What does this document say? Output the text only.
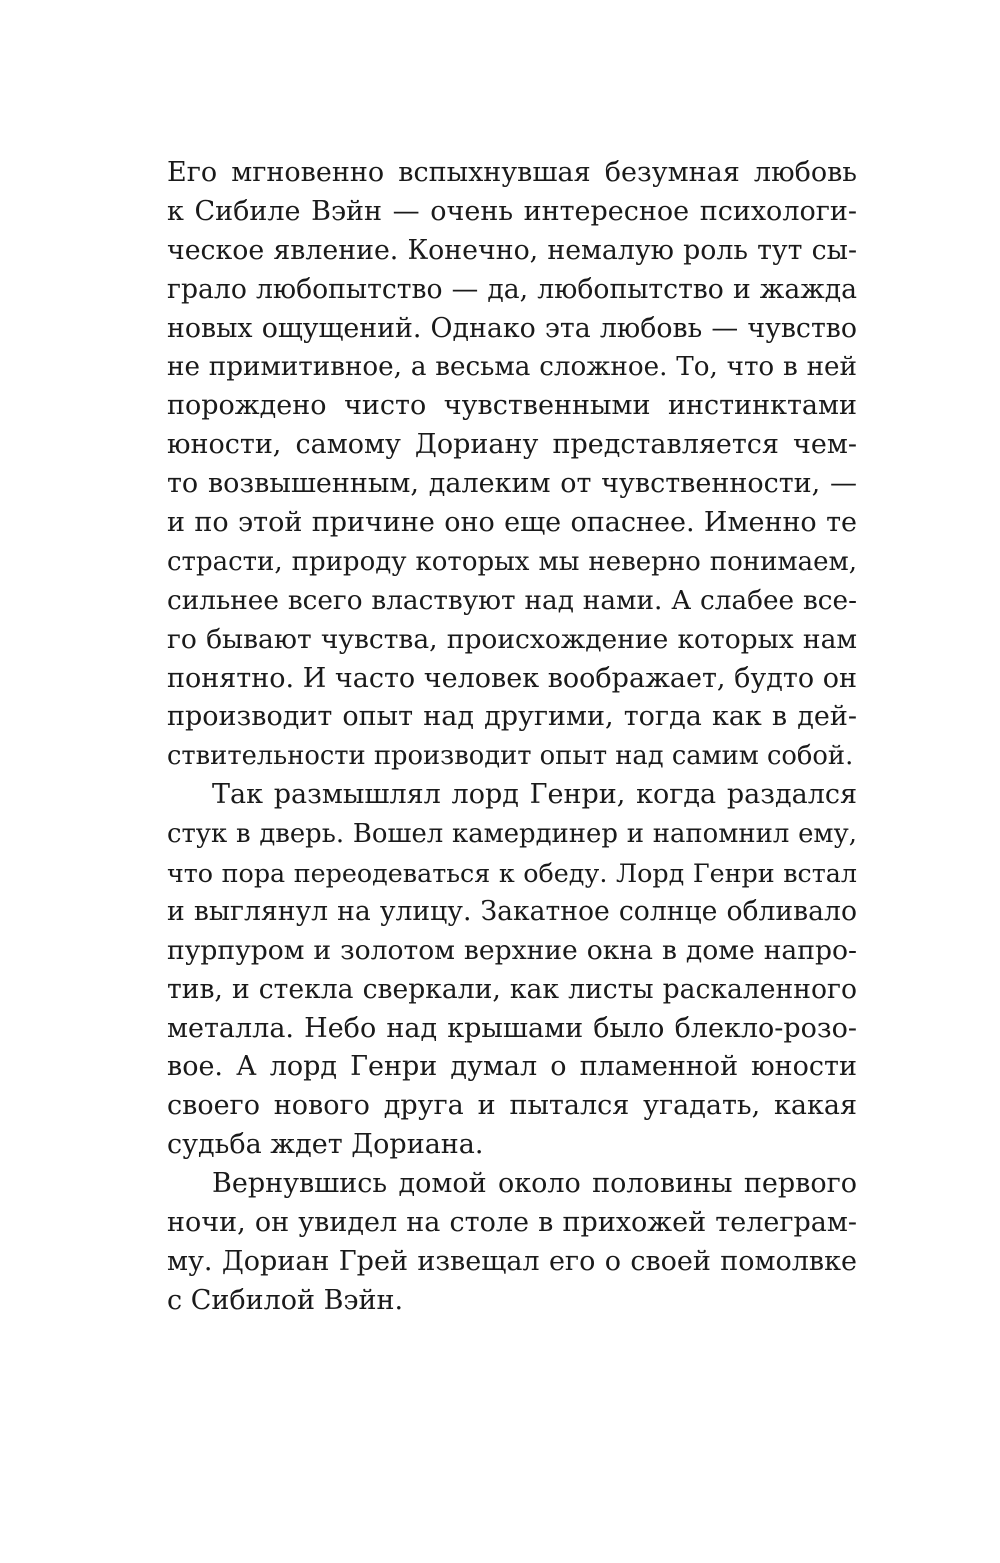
Его мгновенно вспыхнувшая безумная любовь
к Сибиле Вэйн — очень интересное психологи-
ческое явление. Конечно, немалую роль тут сы-
грало любопытство — да, любопытство и жажда
новых ощущений. Однако эта любовь — чувство
не примитивное, а весьма сложное. То, что в ней
порождено чисто чувственными инстинктами
юности, самому Дориану представляется чем-
то возвышенным, далеким от чувственности, —
и по этой причине оно еще опаснее. Именно те
страсти, природу которых мы неверно понимаем,
сильнее всего властвуют над нами. А слабее все-
го бывают чувства, происхождение которых нам
понятно. И часто человек воображает, будто он
производит опыт над другими, тогда как в дей-
ствительности производит опыт над самим собой.

Так размышлял лорд Генри, когда раздался
стук в дверь. Вошел камердинер и напомнил ему,
что пора переодеваться к обеду. Лорд Генри встал
и выглянул на улицу. Закатное солнце обливало
пурпуром и золотом верхние окна в доме напро-
тив, и стекла сверкали, как листы раскаленного
металла. Небо над крышами было блекло-розо-
вое. А лорд Генри думал о пламенной юности
своего нового друга и пытался угадать, какая
судьба ждет Дориана.

Вернувшись домой около половины первого
ночи, он увидел на столе в прихожей телеграм-
му. Дориан Грей извещал его о своей помолвке
с Сибилой Вэйн.
